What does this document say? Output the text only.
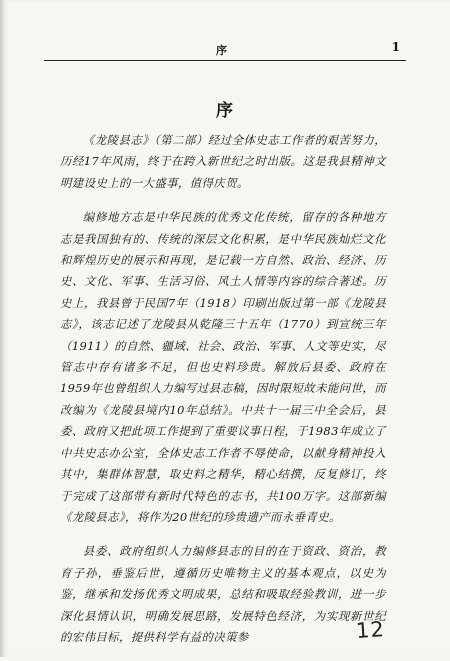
序	1
序

《龙陵县志》（第二部）经过全体史志工作者的艰苦努力，历经17年风雨，终于在跨入新世纪之时出版。这是我县精神文明建设史上的一大盛事，值得庆贺。

编修地方志是中华民族的优秀文化传统，留存的各种地方志是我国独有的、传统的深层文化积累，是中华民族灿烂文化和辉煌历史的展示和再现，是记载一方自然、政治、经济、历史、文化、军事、生活习俗、风土人情等内容的综合著述。历史上，我县曾于民国7年（1918）印刷出版过第一部《龙陵县志》，该志记述了龙陵县从乾隆三十五年（1770）到宣统三年（1911）的自然、疆域、社会、政治、军事、人文等史实，尽管志中存有诸多不足，但也史料珍贵。解放后县委、政府在1959年也曾组织人力编写过县志稿，因时限短故未能问世，而改编为《龙陵县境内10年总结》。中共十一届三中全会后，县委、政府又把此项工作提到了重要议事日程，于1983年成立了中共史志办公室，全体史志工作者不辱使命，以献身精神投入其中，集群体智慧，取史料之精华，精心结撰，反复修订，终于完成了这部带有新时代特色的志书，共100万字。这部新编《龙陵县志》，将作为20世纪的珍贵遗产而永垂青史。

县委、政府组织人力编修县志的目的在于资政、资治，教育子孙，垂鉴后世，遵循历史唯物主义的基本观点，以史为鉴，继承和发扬优秀文明成果，总结和吸取经验教训，进一步深化县情认识，明确发展思路，发展特色经济，为实现新世纪的宏伟目标，提供科学有益的决策参	12
